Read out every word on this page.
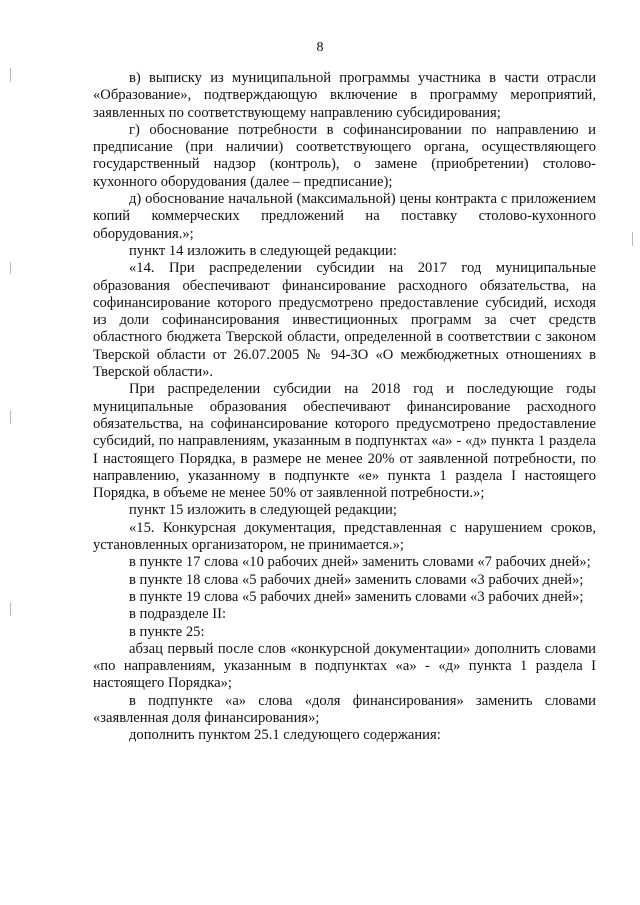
8

в) выписку из муниципальной программы участника в части отрасли «Образование», подтверждающую включение в программу мероприятий, заявленных по соответствующему направлению субсидирования;

г) обоснование потребности в софинансировании по направлению и предписание (при наличии) соответствующего органа, осуществляющего государственный надзор (контроль), о замене (приобретении) столово-кухонного оборудования (далее – предписание);

д) обоснование начальной (максимальной) цены контракта с приложением копий коммерческих предложений на поставку столово-кухонного оборудования.»;

пункт 14 изложить в следующей редакции:

«14. При распределении субсидии на 2017 год муниципальные образования обеспечивают финансирование расходного обязательства, на софинансирование которого предусмотрено предоставление субсидий, исходя из доли софинансирования инвестиционных программ за счет средств областного бюджета Тверской области, определенной в соответствии с законом Тверской области от 26.07.2005 № 94-ЗО «О межбюджетных отношениях в Тверской области».

При распределении субсидии на 2018 год и последующие годы муниципальные образования обеспечивают финансирование расходного обязательства, на софинансирование которого предусмотрено предоставление субсидий, по направлениям, указанным в подпунктах «а» - «д» пункта 1 раздела I настоящего Порядка, в размере не менее 20% от заявленной потребности, по направлению, указанному в подпункте «е» пункта 1 раздела I настоящего Порядка, в объеме не менее 50% от заявленной потребности.»;

пункт 15 изложить в следующей редакции;

«15. Конкурсная документация, представленная с нарушением сроков, установленных организатором, не принимается.»;

в пункте 17 слова «10 рабочих дней» заменить словами «7 рабочих дней»;

в пункте 18 слова «5 рабочих дней» заменить словами «3 рабочих дней»;

в пункте 19 слова «5 рабочих дней» заменить словами «3 рабочих дней»;

в подразделе II:

в пункте 25:

абзац первый после слов «конкурсной документации» дополнить словами «по направлениям, указанным в подпунктах «а» - «д» пункта 1 раздела I настоящего Порядка»;

в подпункте «а» слова «доля финансирования» заменить словами «заявленная доля финансирования»;

дополнить пунктом 25.1 следующего содержания:
